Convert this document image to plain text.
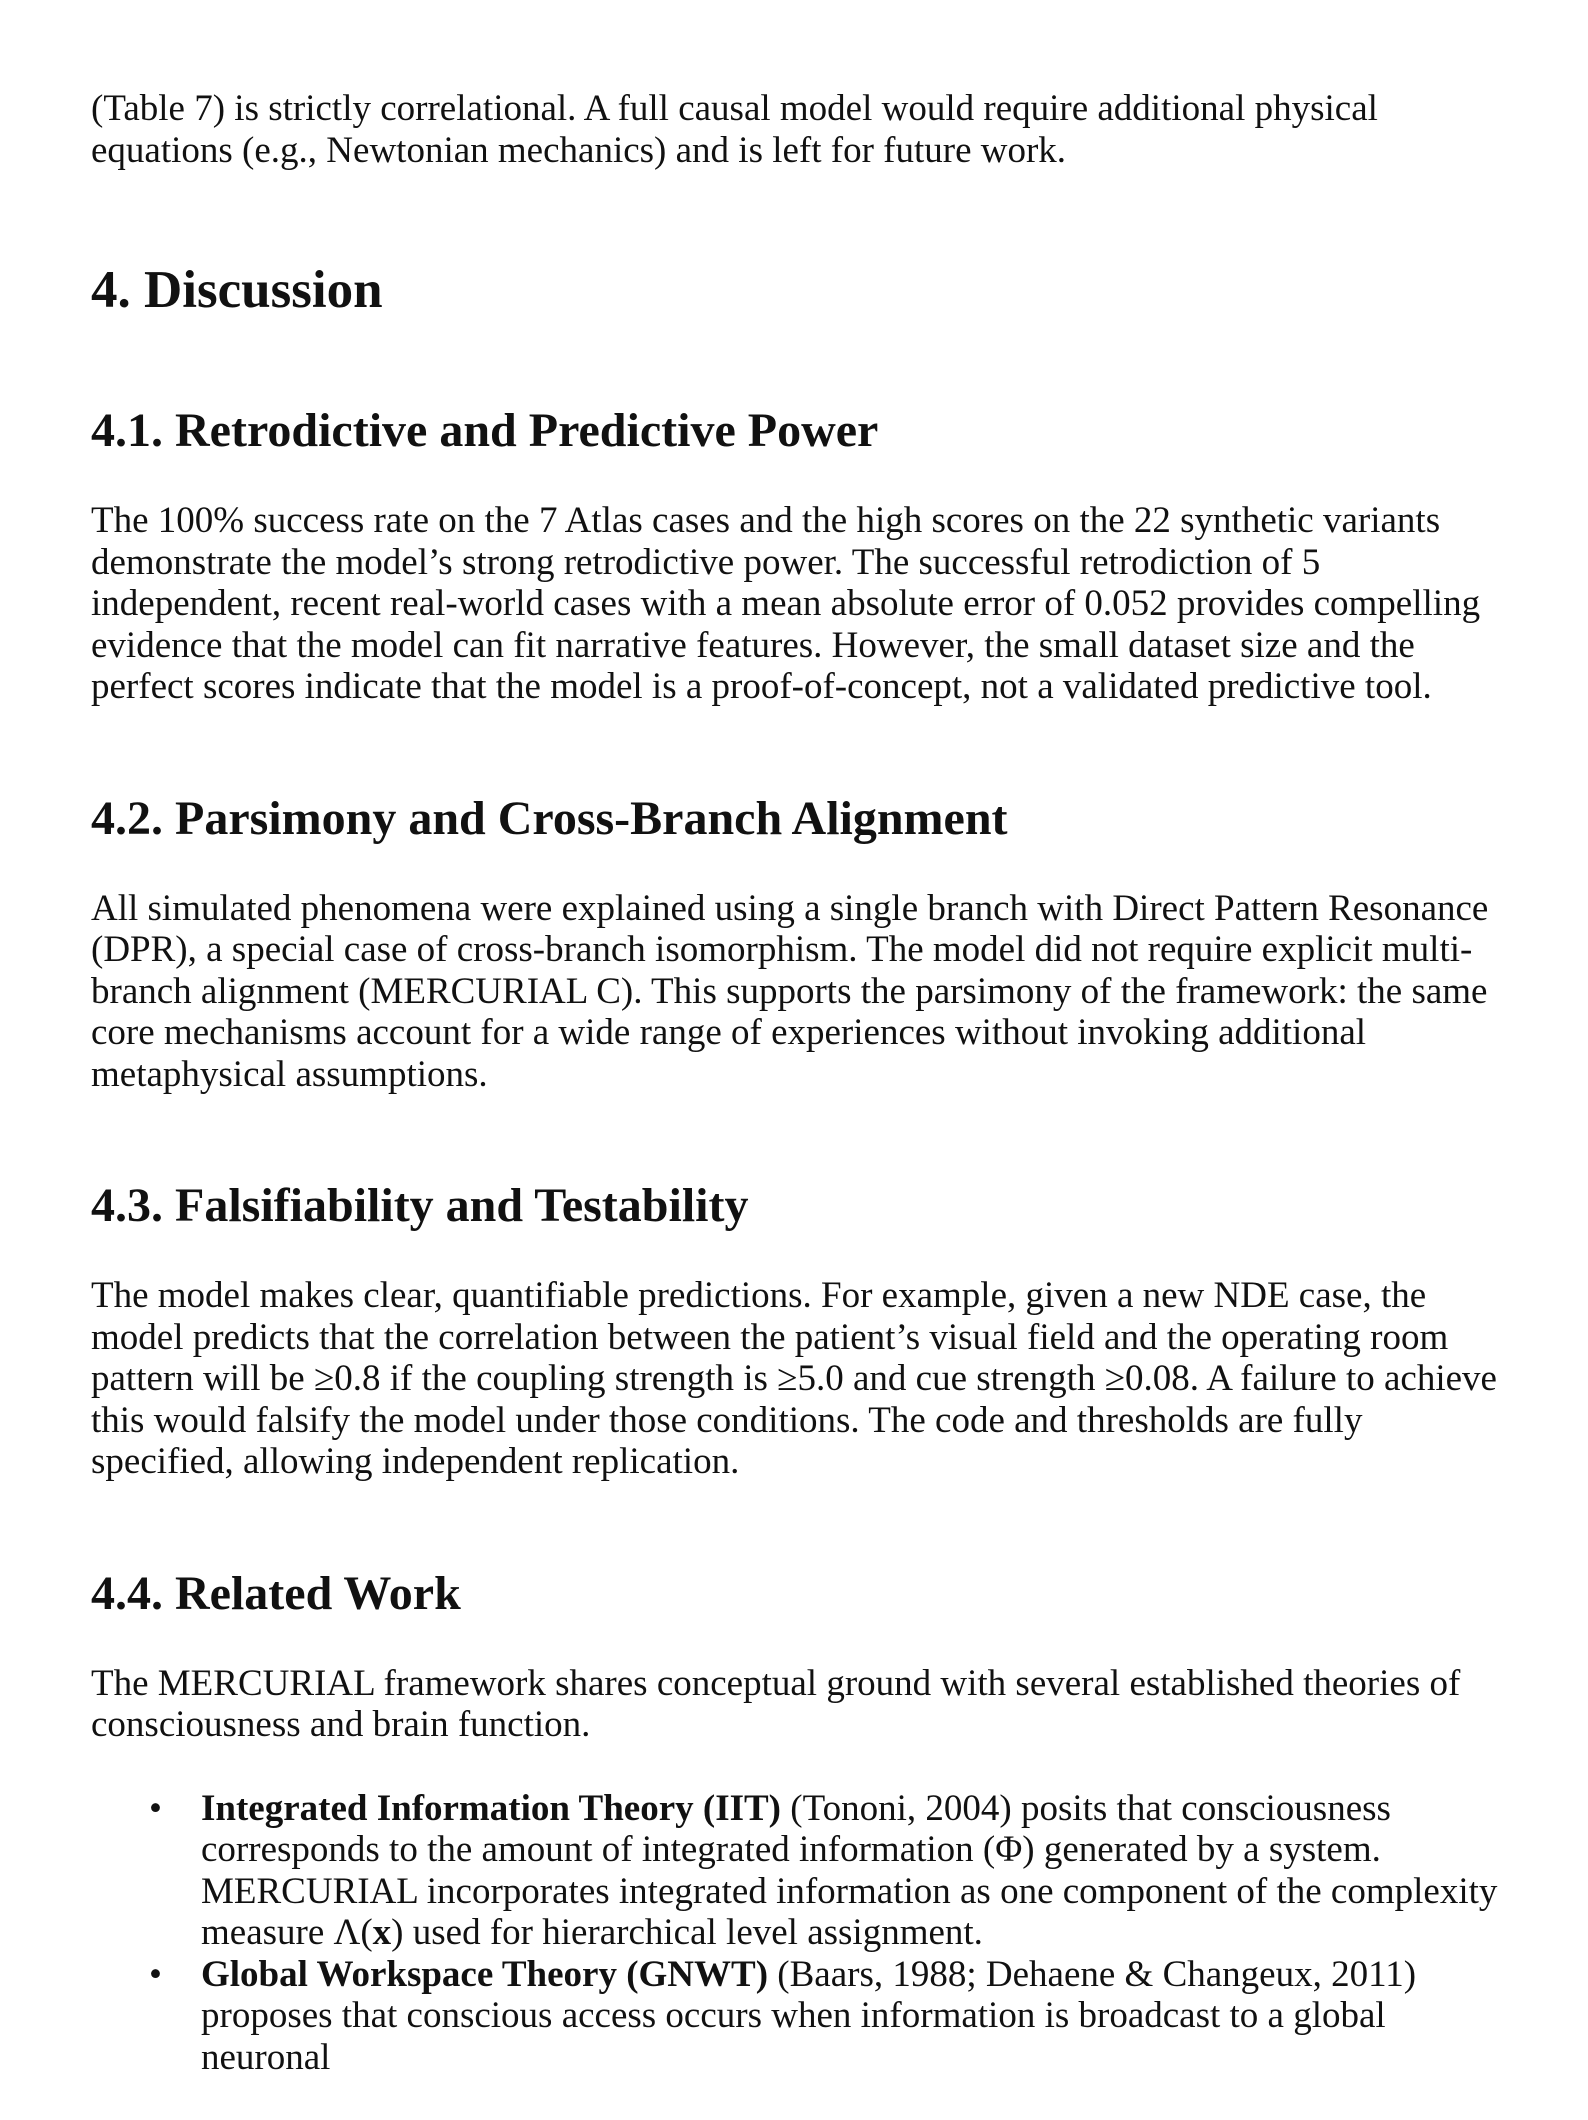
(Table 7) is strictly correlational. A full causal model would require additional physical equations (e.g., Newtonian mechanics) and is left for future work.

4. Discussion
4.1. Retrodictive and Predictive Power

The 100% success rate on the 7 Atlas cases and the high scores on the 22 synthetic variants demonstrate the model’s strong retrodictive power. The successful retrodiction of 5 independent, recent real-world cases with a mean absolute error of 0.052 provides compelling evidence that the model can fit narrative features. However, the small dataset size and the perfect scores indicate that the model is a proof-of-concept, not a validated predictive tool.

4.2. Parsimony and Cross-Branch Alignment

All simulated phenomena were explained using a single branch with Direct Pattern Resonance (DPR), a special case of cross-branch isomorphism. The model did not require explicit multi-branch alignment (MERCURIAL C). This supports the parsimony of the framework: the same core mechanisms account for a wide range of experiences without invoking additional metaphysical assumptions.

4.3. Falsifiability and Testability

The model makes clear, quantifiable predictions. For example, given a new NDE case, the model predicts that the correlation between the patient’s visual field and the operating room pattern will be ≥0.8 if the coupling strength is ≥5.0 and cue strength ≥0.08. A failure to achieve this would falsify the model under those conditions. The code and thresholds are fully specified, allowing independent replication.

4.4. Related Work

The MERCURIAL framework shares conceptual ground with several established theories of consciousness and brain function.

• Integrated Information Theory (IIT) (Tononi, 2004) posits that consciousness corresponds to the amount of integrated information (Φ) generated by a system. MERCURIAL incorporates integrated information as one component of the complexity measure Λ(x) used for hierarchical level assignment.
• Global Workspace Theory (GNWT) (Baars, 1988; Dehaene & Changeux, 2011) proposes that conscious access occurs when information is broadcast to a global neuronal
